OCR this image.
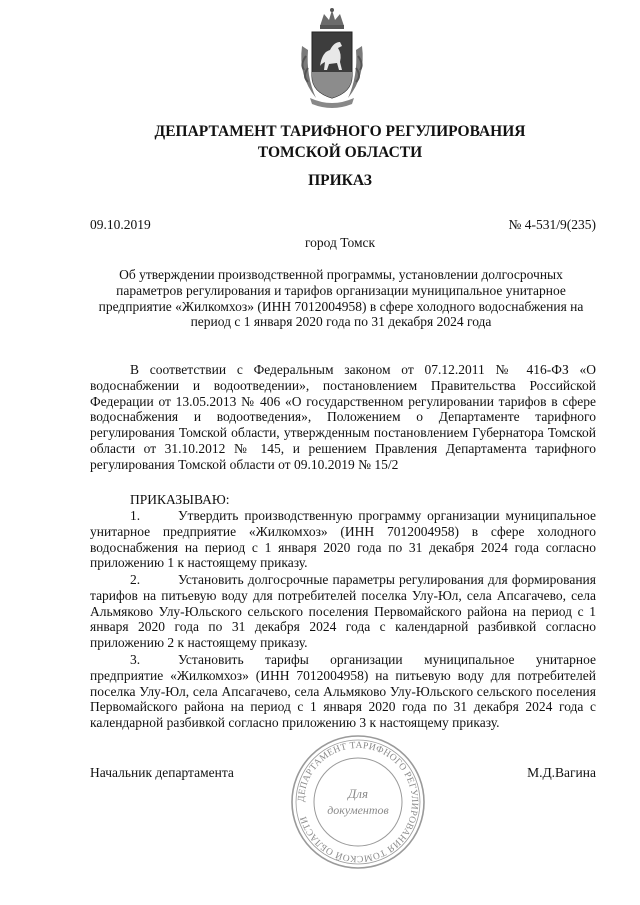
ДЕПАРТАМЕНТ ТАРИФНОГО РЕГУЛИРОВАНИЯ
ТОМСКОЙ ОБЛАСТИ
ПРИКАЗ
09.10.2019	№ 4-531/9(235)
город Томск
Об утверждении производственной программы, установлении долгосрочных параметров регулирования и тарифов организации муниципальное унитарное предприятие «Жилкомхоз» (ИНН 7012004958) в сфере холодного водоснабжения на период с 1 января 2020 года по 31 декабря 2024 года

В соответствии с Федеральным законом от 07.12.2011 № 416-ФЗ «О водоснабжении и водоотведении», постановлением Правительства Российской Федерации от 13.05.2013 № 406 «О государственном регулировании тарифов в сфере водоснабжения и водоотведения», Положением о Департаменте тарифного регулирования Томской области, утвержденным постановлением Губернатора Томской области от 31.10.2012 № 145, и решением Правления Департамента тарифного регулирования Томской области от 09.10.2019 № 15/2

ПРИКАЗЫВАЮ:

1.	Утвердить производственную программу организации муниципальное унитарное предприятие «Жилкомхоз» (ИНН 7012004958) в сфере холодного водоснабжения на период с 1 января 2020 года по 31 декабря 2024 года согласно приложению 1 к настоящему приказу.

2.	Установить долгосрочные параметры регулирования для формирования тарифов на питьевую воду для потребителей поселка Улу-Юл, села Апсагачево, села Альмяково Улу-Юльского сельского поселения Первомайского района на период с 1 января 2020 года по 31 декабря 2024 года с календарной разбивкой согласно приложению 2 к настоящему приказу.

3.	Установить тарифы организации муниципальное унитарное предприятие «Жилкомхоз» (ИНН 7012004958) на питьевую воду для потребителей поселка Улу-Юл, села Апсагачево, села Альмяково Улу-Юльского сельского поселения Первомайского района на период с 1 января 2020 года по 31 декабря 2024 года с календарной разбивкой согласно приложению 3 к настоящему приказу.

Начальник департамента	М.Д.Вагина
ДЕПАРТАМЕНТ ТАРИФНОГО РЕГУЛИРОВАНИЯ ТОМСКОЙ ОБЛАСТИ
Для
документов
